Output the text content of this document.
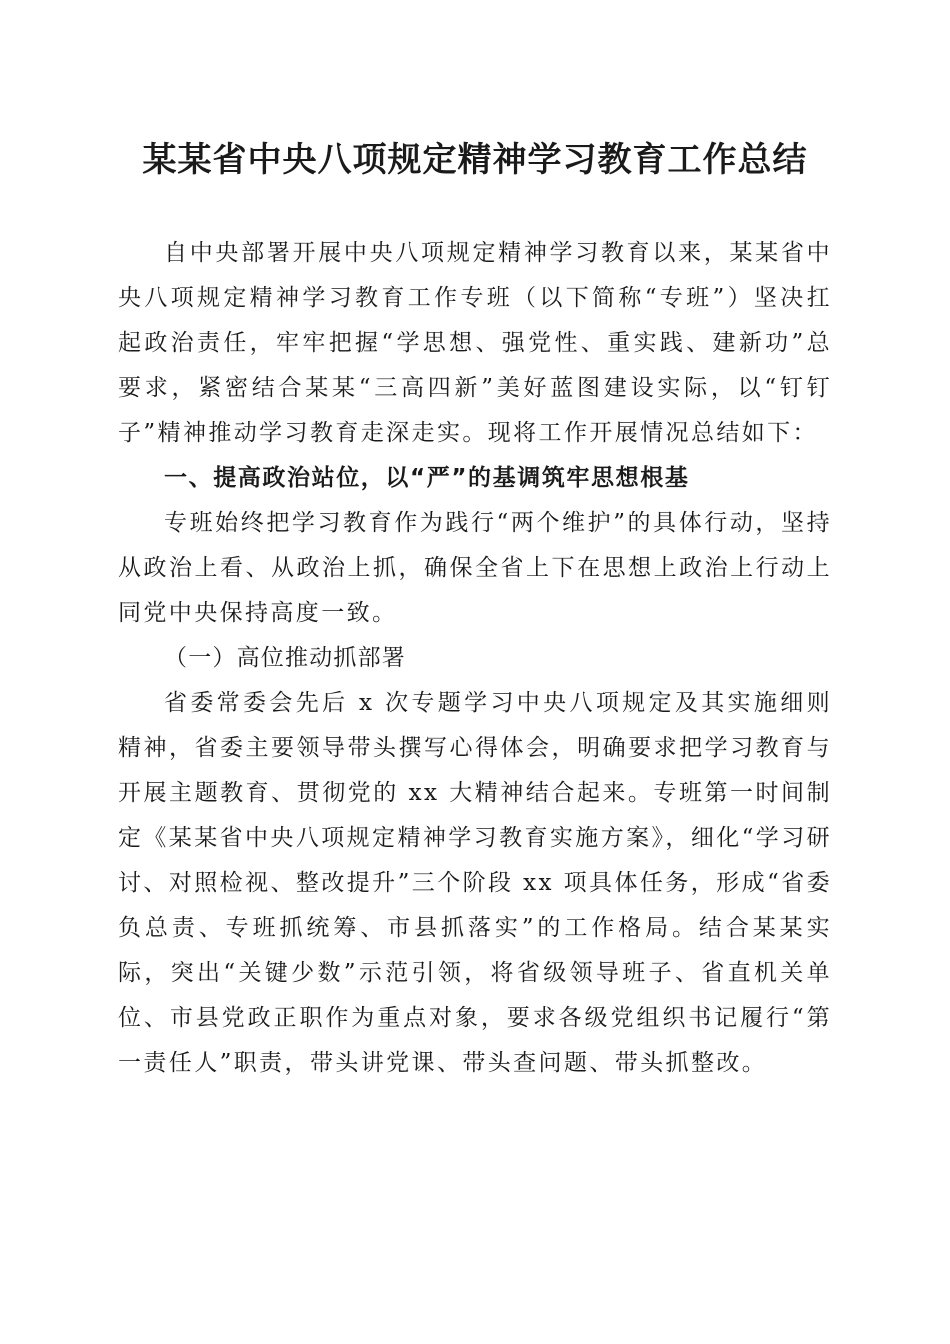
某某省中央八项规定精神学习教育工作总结

自中央部署开展中央八项规定精神学习教育以来，某某省中央八项规定精神学习教育工作专班（以下简称“专班”）坚决扛起政治责任，牢牢把握“学思想、强党性、重实践、建新功”总要求，紧密结合某某“三高四新”美好蓝图建设实际，以“钉钉子”精神推动学习教育走深走实。现将工作开展情况总结如下：

一、提高政治站位，以“严”的基调筑牢思想根基

专班始终把学习教育作为践行“两个维护”的具体行动，坚持从政治上看、从政治上抓，确保全省上下在思想上政治上行动上同党中央保持高度一致。

（一）高位推动抓部署

省委常委会先后 x 次专题学习中央八项规定及其实施细则精神，省委主要领导带头撰写心得体会，明确要求把学习教育与开展主题教育、贯彻党的 xx 大精神结合起来。专班第一时间制定《某某省中央八项规定精神学习教育实施方案》，细化“学习研讨、对照检视、整改提升”三个阶段 xx 项具体任务，形成“省委负总责、专班抓统筹、市县抓落实”的工作格局。结合某某实际，突出“关键少数”示范引领，将省级领导班子、省直机关单位、市县党政正职作为重点对象，要求各级党组织书记履行“第一责任人”职责，带头讲党课、带头查问题、带头抓整改。
